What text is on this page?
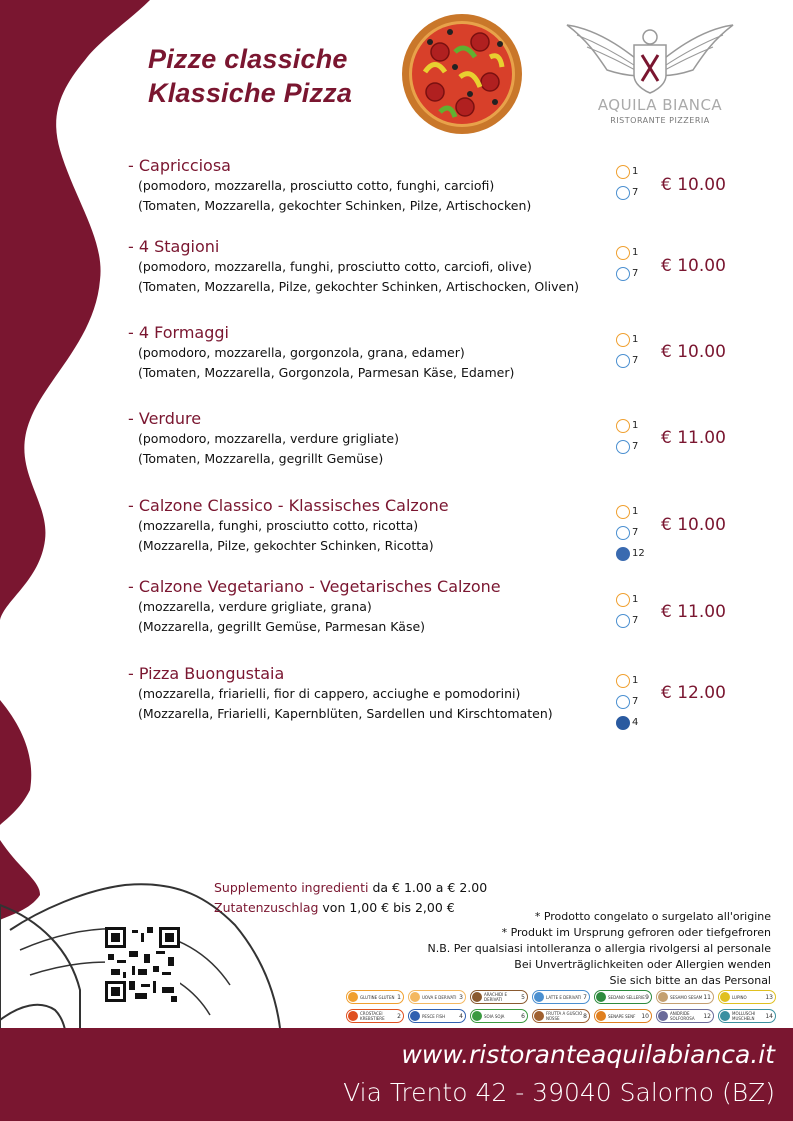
Pizze classiche
Klassiche Pizza	AQUILA BIANCA
RISTORANTE PIZZERIA
- Capricciosa
(pomodoro, mozzarella, prosciutto cotto, funghi, carciofi)
(Tomaten, Mozzarella, gekochter Schinken, Pilze, Artischocken)
1
7 € 10.00
- 4 Stagioni
(pomodoro, mozzarella, funghi, prosciutto cotto, carciofi, olive)
(Tomaten, Mozzarella, Pilze, gekochter Schinken, Artischocken, Oliven)
1
7 € 10.00
- 4 Formaggi
(pomodoro, mozzarella, gorgonzola, grana, edamer)
(Tomaten, Mozzarella, Gorgonzola, Parmesan Käse, Edamer)
1
7 € 10.00
- Verdure
(pomodoro, mozzarella, verdure grigliate)
(Tomaten, Mozzarella, gegrillt Gemüse)
1
7 € 11.00
- Calzone Classico - Klassisches Calzone
(mozzarella, funghi, prosciutto cotto, ricotta)
(Mozzarella, Pilze, gekochter Schinken, Ricotta)
1
7
12
€ 10.00
- Calzone Vegetariano - Vegetarisches Calzone
(mozzarella, verdure grigliate, grana)
(Mozzarella, gegrillt Gemüse, Parmesan Käse)
1
7 € 11.00
- Pizza Buongustaia
(mozzarella, friarielli, fior di cappero, acciughe e pomodorini)
(Mozzarella, Friarielli, Kapernblüten, Sardellen und Kirschtomaten)
1
7
4
€ 12.00
Supplemento ingredienti da € 1.00 a € 2.00
Zutatenzuschlag von 1,00 € bis 2,00 €
* Prodotto congelato o surgelato all'origine
* Produkt im Ursprung gefroren oder tiefgefroren
N.B. Per qualsiasi intolleranza o allergia rivolgersi al personale
Bei Unverträglichkeiten oder Allergien wenden
Sie sich bitte an das Personal
GLUTINE GLUTEN 1	UOVA E DERIVATI 3	ARACHIDI E DERIVATI	5	LATTE E DERIVATI 7	SEDANO SELLERIE 9	SESAMO SESAM 11	LUPINO	13
CROSTACEI KREBSTIERE	2	PESCE FISH	4	SOIA SOJA	6	FRUTTA A GUSCIO NÜSSE	8	SENAPE SENF 10	ANIDRIDE SOLFOROSA	12	MOLLUSCHI MUSCHELN	14
www.ristoranteaquilabianca.it
Via Trento 42 - 39040 Salorno (BZ)
